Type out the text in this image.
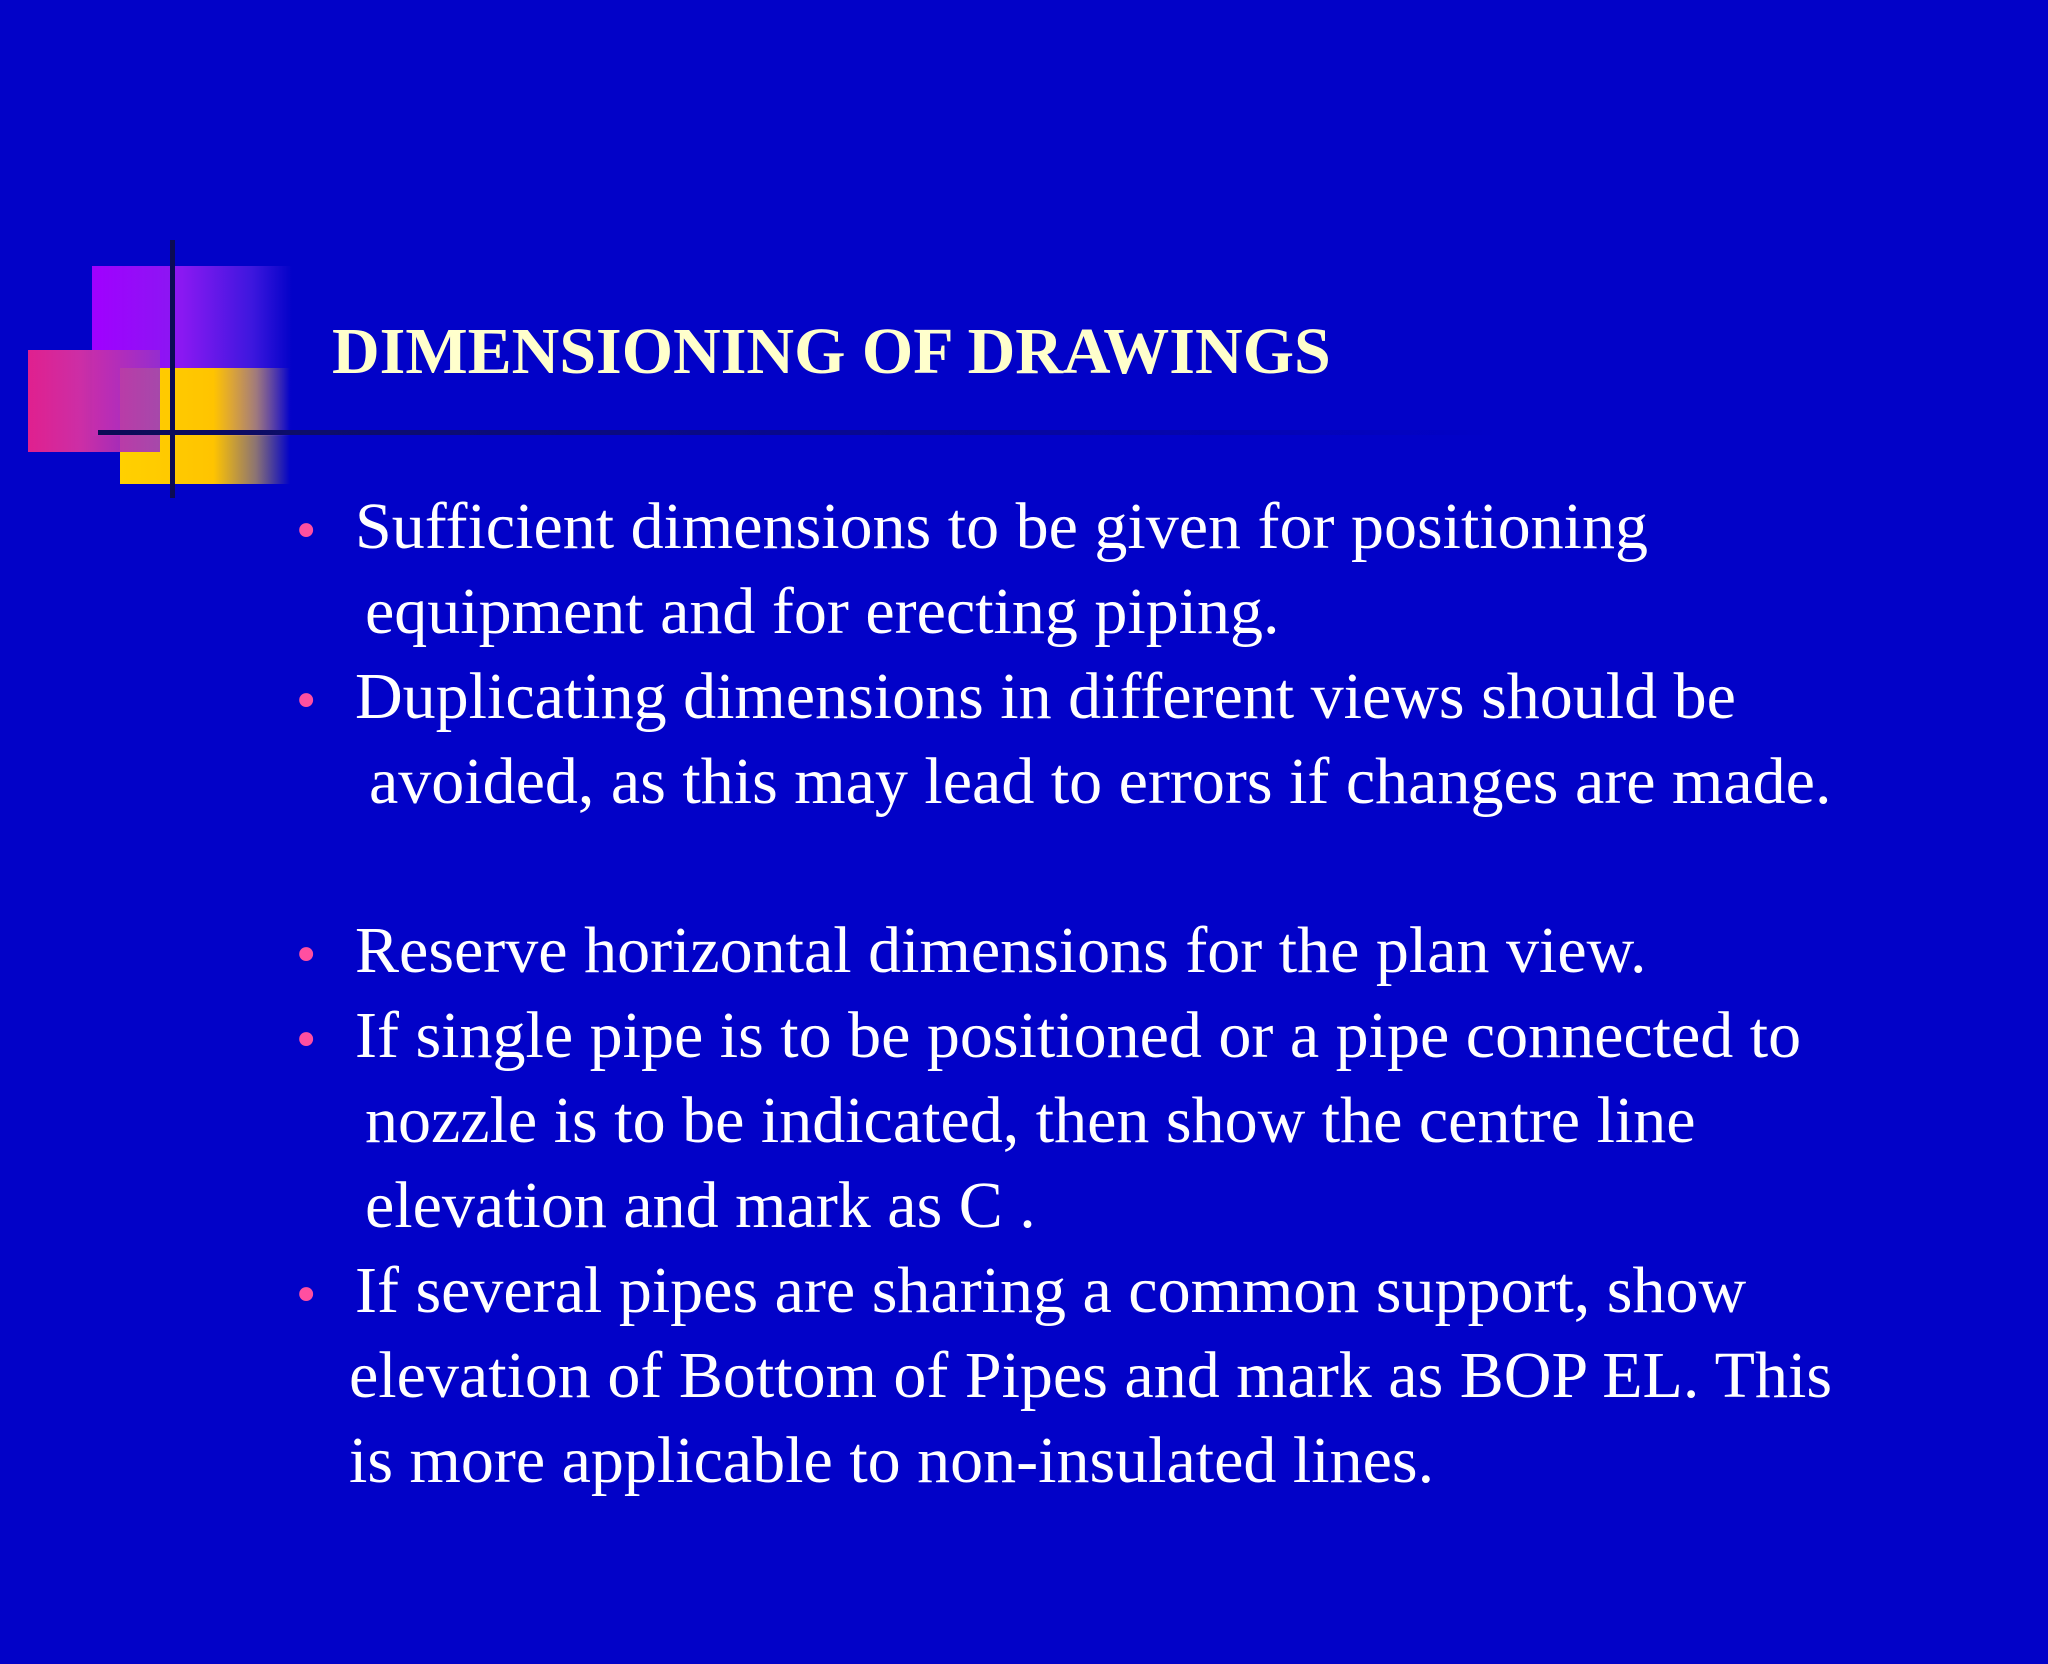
DIMENSIONING OF DRAWINGS
• Sufficient dimensions to be given for positioning
equipment and for erecting piping.
• Duplicating dimensions in different views should be
avoided, as this may lead to errors if changes are made.
• Reserve horizontal dimensions for the plan view.
• If single pipe is to be positioned or a pipe connected to
nozzle is to be indicated, then show the centre line
elevation and mark as C .
• If several pipes are sharing a common support, show
elevation of Bottom of Pipes and mark as BOP EL. This
is more applicable to non-insulated lines.
